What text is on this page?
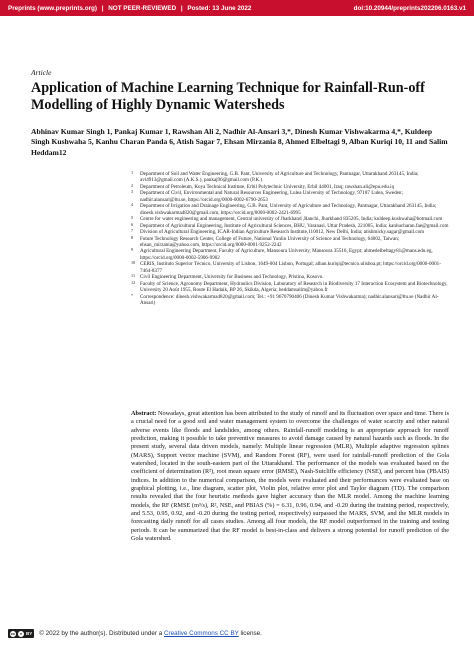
Preprints (www.preprints.org) | NOT PEER-REVIEWED | Posted: 13 June 2022	doi:10.20944/preprints202206.0163.v1
Article
Application of Machine Learning Technique for Rainfall-Run-off Modelling of Highly Dynamic Watersheds

Abhinav Kumar Singh 1, Pankaj Kumar 1, Rawshan Ali 2, Nadhir Al-Ansari 3,*, Dinesh Kumar Vishwakarma 4,*, Kuldeep Singh Kushwaha 5, Kanhu Charan Panda 6, Atish Sagar 7, Ehsan Mirzania 8, Ahmed Elbeltagi 9, Alban Kuriqi 10, 11 and Salim Heddam12

1 Department of Soil and Water Engineering, G.B. Pant, University of Agriculture and Technology, Pantnagar, Uttarakhand 263145, India; avi4913@gmail.com (A.K.S.), pankaj96@gmail.com (P.K.)
2 Department of Petroleum, Koya Technical Institute, Erbil Polytechnic University, Erbil 44001, Iraq; rawshan.ali@epu.edu.iq
3 Department of Civil, Environmental and Natural Resources Engineering, Lulea University of Technology, 97187 Lulea, Sweden; nadhir.alansari@ltu.se, https://orcid.org/0000-0002-6790-2653
4 Department of Irrigation and Drainage Engineering, G.B. Pant, University of Agriculture and Technology, Pantnagar, Uttarakhand 263145, India; dinesh.vishwakarma4820@gmail.com, https://orcid.org/0000-0002-2421-6995
5 Centre for water engineering and management, Central university of Jharkhand ,Ranchi, Jharkhand 835205, India; kuldeep.kushwaha@hotmail.com
6 Department of Agricultural Engineering, Institute of Agricultural Sciences, BHU, Varanasi, Uttar Pradesh, 221005, India; kanhucharan.fae@gmail.com
7 Division of Agricultural Engineering, ICAR-Indian Agriculture Research Institute,110012, New Delhi, India; atishmicky.sagar@gmail.com
8 Future Technology Research Center, College of Future, National Yunlin University of Science and Technology, 64002, Taiwan; ehsan_mirzania@yahoo.com, https://orcid.org/0000-0001-9252-2242
9 Agricultural Engineering Department, Faculty of Agriculture, Mansoura University, Mansoura 35516, Egypt; ahmedelbeltagy81@mans.edu.eg, https://orcid.org/0000-0002-5906-9902
10 CERIS, Instituto Superior Técnico, University of Lisbon, 1649-004 Lisbon, Portugal; alban.kuriqi@tecnico.ulisboa.pt; https://orcid.org/0000-0001-7464-8377
11 Civil Engineering Department, University for Business and Technology, Pristina, Kosovo.
12 Faculty of Science, Agronomy Department, Hydraulics Division, Laboratory of Research in Biodiversity 17 Interaction Ecosystem and Biotechnology, University 20 Août 1955, Route El Hadaik, BP 26, Skikda, Algeria; heddamsalim@yahoo.fr
* Correspondence: dinesh.vishwakarma4820@gmail.com; Tel.: +91 9670790406 (Dinesh Kumar Vishwakarma); nadhir.alansari@ltu.se (Nadhir Al-Ansari)

Abstract: Nowadays, great attention has been attributed to the study of runoff and its fluctuation over space and time. There is a crucial need for a good soil and water management system to overcome the challenges of water scarcity and other natural adverse events like floods and landslides, among others. Rainfall-runoff modeling is an appropriate approach for runoff prediction, making it possible to take preventive measures to avoid damage caused by natural hazards such as floods. In the present study, several data driven models, namely: Multiple linear regression (MLR), Multiple adaptive regression splines (MARS), Support vector machine (SVM), and Random Forest (RF), were used for rainfall-runoff prediction of the Gola watershed, located in the south-eastern part of the Uttarakhand. The performance of the models was evaluated based on the coefficient of determination (R²), root mean square error (RMSE), Nash-Sutcliffe efficiency (NSE), and percent bias (PBAIS) indices. In addition to the numerical comparison, the models were evaluated and their performances were evaluated base on graphical plotting, i.e., line diagram, scatter plot, Violin plot, relative error plot and Taylor diagram (TD). The comparison results revealed that the four heuristic methods gave higher accuracy than the MLR model. Among the machine learning models, the RF (RMSE (m³/s), R², NSE, and PBIAS (%) = 6.31, 0.96, 0.94, and -0.20 during the training period, respectively, and 5.53, 0.95, 0.92, and -0.20 during the testing period, respectively) surpassed the MARS, SVM, and the MLR models in forecasting daily runoff for all cases studies. Among all four models, the RF model outperformed in the training and testing periods. It can be summarized that the RF model is best-in-class and delivers a strong potential for runoff prediction of the Gola watershed.

cc	● BY © 2022 by the author(s). Distributed under a Creative Commons CC BY license.
